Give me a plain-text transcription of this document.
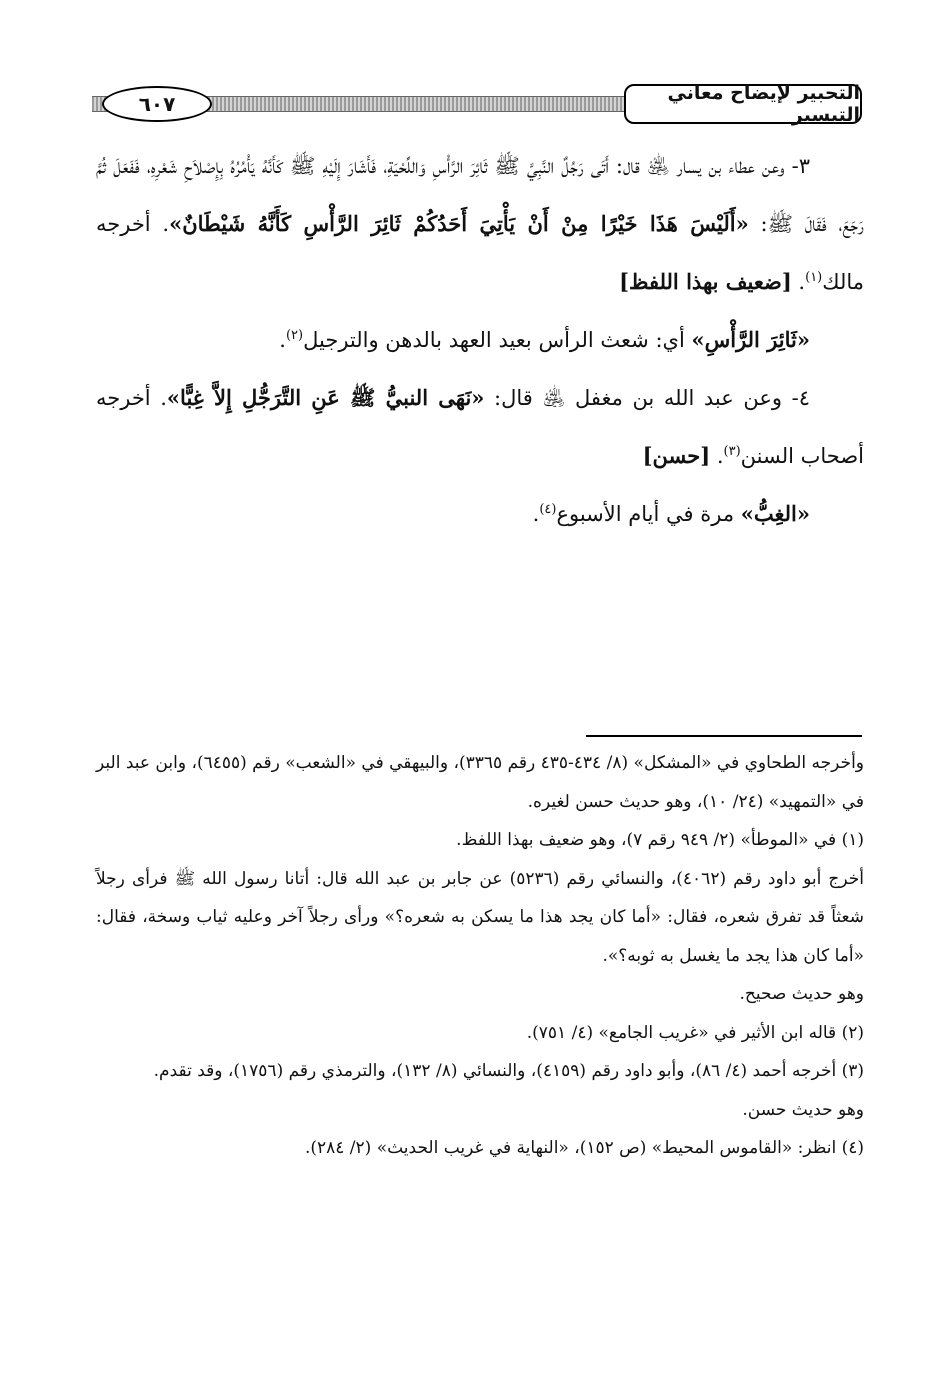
التحبير لإيضاح معاني التيسير
٦٠٧

٣- وعن عطاء بن يسار ﵁ قال: أَتَى رَجُلٌ النَّبِيَّ ﷺ ثَائِرَ الرَّأْسِ وَاللِّحْيَةِ، فَأَشَارَ إِلَيْهِ ﷺ كَأَنَّهُ يَأْمُرُهُ بِإِصْلاَحِ شَعْرِهِ، فَفَعَلَ ثُمَّ رَجَعَ، فَقَالَ ﷺ: «أَلَيْسَ هَذَا خَيْرًا مِنْ أَنْ يَأْتِيَ أَحَدُكُمْ ثَائِرَ الرَّأْسِ كَأَنَّهُ شَيْطَانٌ». أخرجه مالك$^{(١)}$. [ضعيف بهذا اللفظ]

«ثَائِرَ الرَّأْسِ» أي: شعث الرأس بعيد العهد بالدهن والترجيل$^{(٢)}$.

٤- وعن عبد الله بن مغفل ﵁ قال: «نَهَى النبيُّ ﷺ عَنِ التَّرَجُّلِ إِلاَّ غِبًّا». أخرجه أصحاب السنن$^{(٣)}$. [حسن]

«الغِبُّ» مرة في أيام الأسبوع$^{(٤)}$.

وأخرجه الطحاوي في «المشكل» (٨/ ٤٣٤-٤٣٥ رقم ٣٣٦٥)، والبيهقي في «الشعب» رقم (٦٤٥٥)، وابن عبد البر في «التمهيد» (٢٤/ ١٠)، وهو حديث حسن لغيره.

(١) في «الموطأ» (٢/ ٩٤٩ رقم ٧)، وهو ضعيف بهذا اللفظ.

أخرج أبو داود رقم (٤٠٦٢)، والنسائي رقم (٥٢٣٦) عن جابر بن عبد الله قال: أتانا رسول الله ﷺ فرأى رجلاً شعثاً قد تفرق شعره، فقال: «أما كان يجد هذا ما يسكن به شعره؟» ورأى رجلاً آخر وعليه ثياب وسخة، فقال: «أما كان هذا يجد ما يغسل به ثوبه؟».

وهو حديث صحيح.

(٢) قاله ابن الأثير في «غريب الجامع» (٤/ ٧٥١).

(٣) أخرجه أحمد (٤/ ٨٦)، وأبو داود رقم (٤١٥٩)، والنسائي (٨/ ١٣٢)، والترمذي رقم (١٧٥٦)، وقد تقدم.

وهو حديث حسن.

(٤) انظر: «القاموس المحيط» (ص ١٥٢)، «النهاية في غريب الحديث» (٢/ ٢٨٤).
